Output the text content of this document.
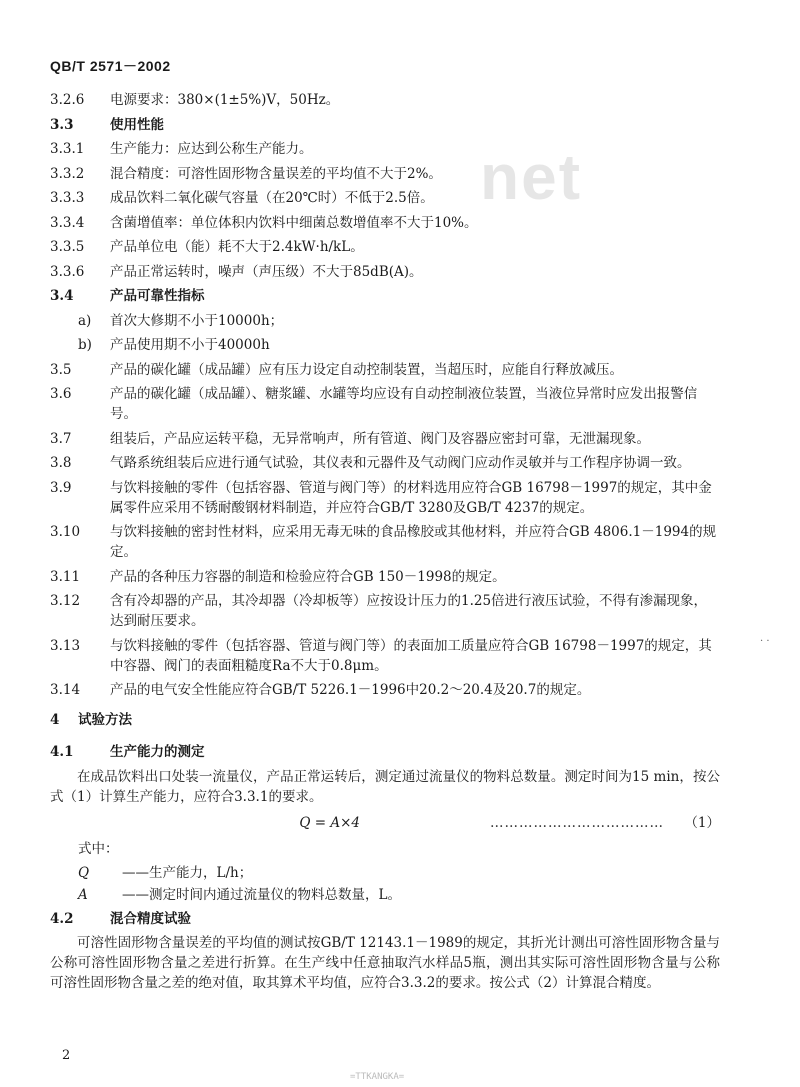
QB/T 2571－2002
net
3.2.6	电源要求：380×(1±5%)V，50Hz。
3.3	使用性能
3.3.1	生产能力：应达到公称生产能力。
3.3.2	混合精度：可溶性固形物含量误差的平均值不大于2%。
3.3.3	成品饮料二氧化碳气容量（在20℃时）不低于2.5倍。
3.3.4	含菌增值率：单位体积内饮料中细菌总数增值率不大于10%。
3.3.5	产品单位电（能）耗不大于2.4kW·h/kL。
3.3.6	产品正常运转时，噪声（声压级）不大于85dB(A)。
3.4	产品可靠性指标
a)	首次大修期不小于10000h；
b)	产品使用期不小于40000h
3.5	产品的碳化罐（成品罐）应有压力设定自动控制装置，当超压时，应能自行释放减压。
3.6	产品的碳化罐（成品罐）、糖浆罐、水罐等均应设有自动控制液位装置，当液位异常时应发出报警信号。
3.7	组装后，产品应运转平稳，无异常响声，所有管道、阀门及容器应密封可靠，无泄漏现象。
3.8	气路系统组装后应进行通气试验，其仪表和元器件及气动阀门应动作灵敏并与工作程序协调一致。
3.9	与饮料接触的零件（包括容器、管道与阀门等）的材料选用应符合GB 16798－1997的规定，其中金属零件应采用不锈耐酸钢材料制造，并应符合GB/T 3280及GB/T 4237的规定。
3.10	与饮料接触的密封性材料，应采用无毒无味的食品橡胶或其他材料，并应符合GB 4806.1－1994的规定。
3.11	产品的各种压力容器的制造和检验应符合GB 150－1998的规定。
3.12	含有冷却器的产品，其冷却器（冷却板等）应按设计压力的1.25倍进行液压试验，不得有渗漏现象，达到耐压要求。
3.13	与饮料接触的零件（包括容器、管道与阀门等）的表面加工质量应符合GB 16798－1997的规定，其中容器、阀门的表面粗糙度Ra不大于0.8μm。
3.14	产品的电气安全性能应符合GB/T 5226.1－1996中20.2～20.4及20.7的规定。
4	试验方法
4.1	生产能力的测定
在成品饮料出口处装一流量仪，产品正常运转后，测定通过流量仪的物料总数量。测定时间为15 min，按公式（1）计算生产能力，应符合3.3.1的要求。
Q = A×4	………………………………	（1）
式中：
Q	——生产能力，L/h；
A	——测定时间内通过流量仪的物料总数量，L。
4.2	混合精度试验
可溶性固形物含量误差的平均值的测试按GB/T 12143.1－1989的规定，其折光计测出可溶性固形物含量与公称可溶性固形物含量之差进行折算。在生产线中任意抽取汽水样品5瓶，测出其实际可溶性固形物含量与公称可溶性固形物含量之差的绝对值，取其算术平均值，应符合3.3.2的要求。按公式（2）计算混合精度。
· ·
2
=TTKANGKA=
